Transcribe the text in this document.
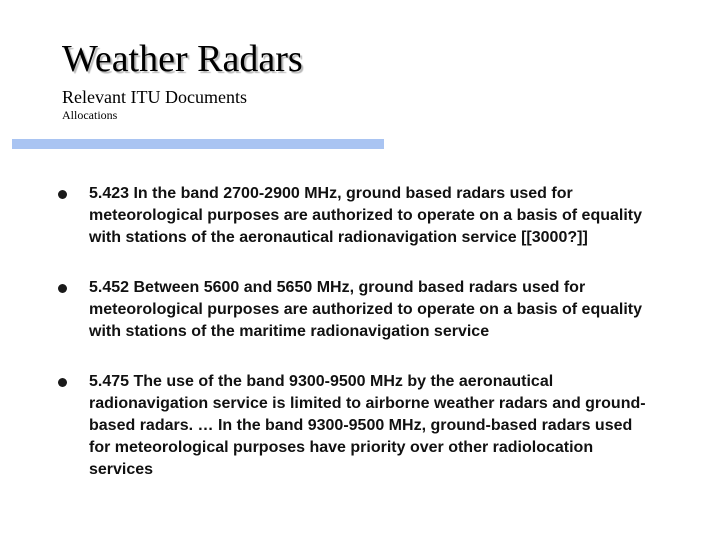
Weather Radars
Relevant ITU Documents
Allocations
5.423 In the band 2700-2900 MHz, ground based radars used for meteorological purposes are authorized to operate on a basis of equality with stations of the aeronautical radionavigation service [[3000?]]
5.452 Between 5600 and 5650 MHz, ground based radars used for meteorological purposes are authorized to operate on a basis of equality with stations of the maritime radionavigation service
5.475 The use of the band 9300-9500 MHz by the aeronautical radionavigation service is limited to airborne weather radars and ground-based radars. … In the band 9300-9500 MHz, ground-based radars used for meteorological purposes have priority over other radiolocation services
